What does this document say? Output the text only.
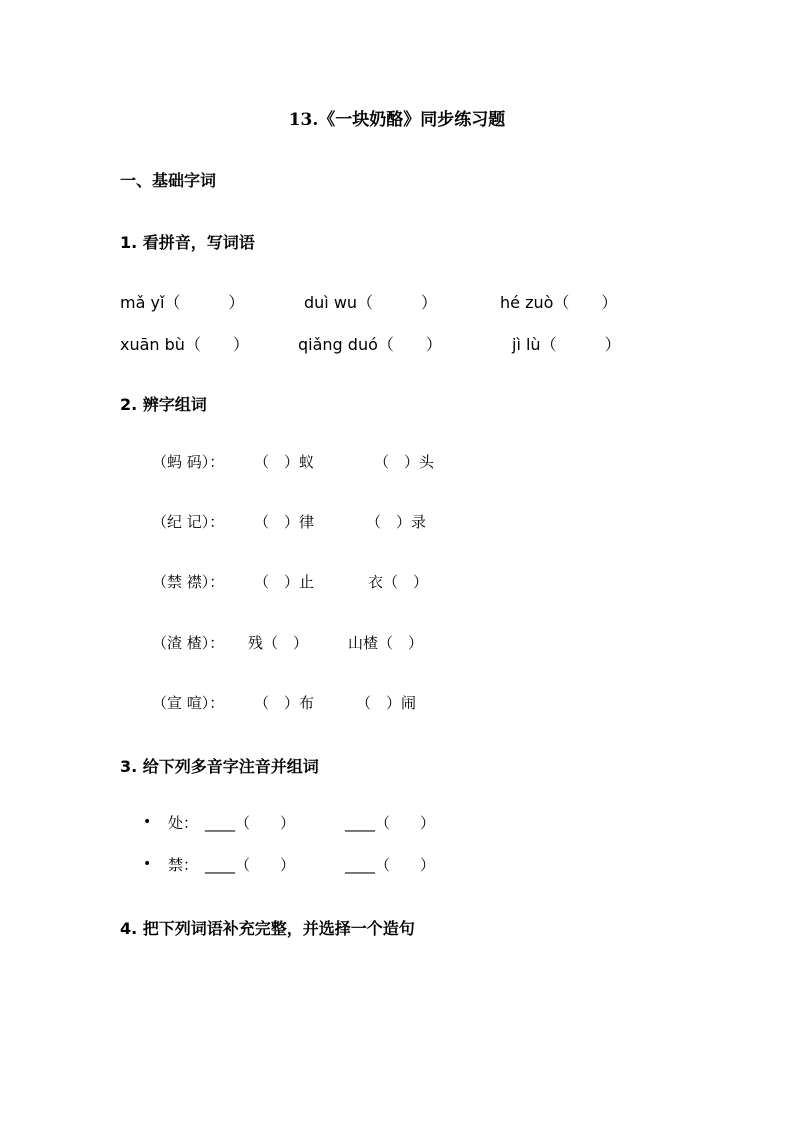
13.《一块奶酪》同步练习题
一、基础字词
1. 看拼音，写词语
mǎ yǐ（　　　）	duì wu（　　　）	hé zuò（　　）
xuān bù（　　）	qiǎng duó（　　）	jì lù（　　　）
2. 辨字组词
（蚂 码）： （　）蚁	（　）头
（纪 记）： （　）律	（　）录
（禁 襟）： （　）止	衣（　）
（渣 楂）： 残（　）	山楂（　）
（宣 喧）： （　）布	（　）闹
3. 给下列多音字注音并组词
• 处： ____（　　）	____（　　）
• 禁： ____（　　）	____（　　）
4. 把下列词语补充完整，并选择一个造句
